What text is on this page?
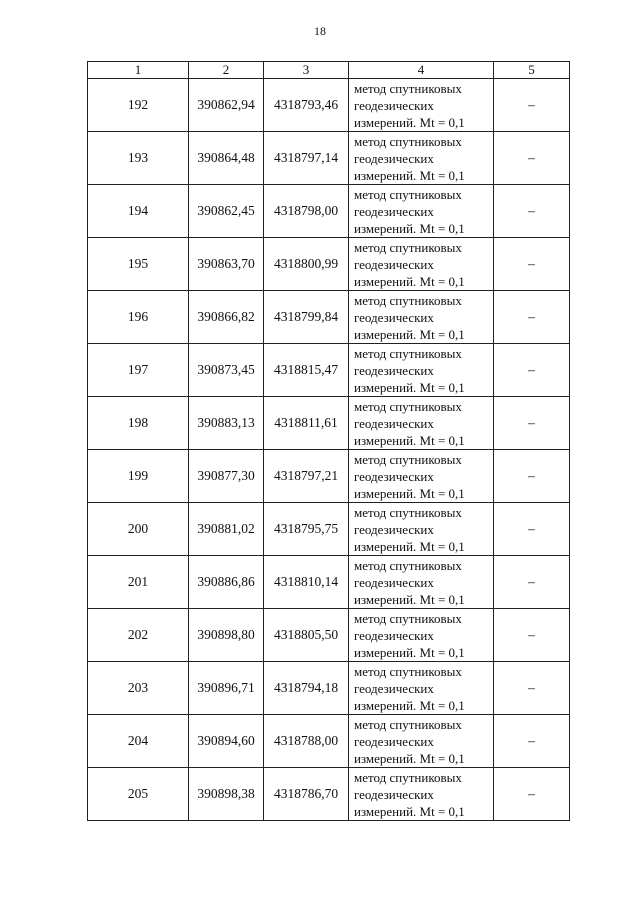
18
1	2	3	4	5
192	390862,94	4318793,46	метод спутниковых
геодезических
измерений. Mt = 0,1	–
193	390864,48	4318797,14	метод спутниковых
геодезических
измерений. Mt = 0,1	–
194	390862,45	4318798,00	метод спутниковых
геодезических
измерений. Mt = 0,1	–
195	390863,70	4318800,99	метод спутниковых
геодезических
измерений. Mt = 0,1	–
196	390866,82	4318799,84	метод спутниковых
геодезических
измерений. Mt = 0,1	–
197	390873,45	4318815,47	метод спутниковых
геодезических
измерений. Mt = 0,1	–
198	390883,13	4318811,61	метод спутниковых
геодезических
измерений. Mt = 0,1	–
199	390877,30	4318797,21	метод спутниковых
геодезических
измерений. Mt = 0,1	–
200	390881,02	4318795,75	метод спутниковых
геодезических
измерений. Mt = 0,1	–
201	390886,86	4318810,14	метод спутниковых
геодезических
измерений. Mt = 0,1	–
202	390898,80	4318805,50	метод спутниковых
геодезических
измерений. Mt = 0,1	–
203	390896,71	4318794,18	метод спутниковых
геодезических
измерений. Mt = 0,1	–
204	390894,60	4318788,00	метод спутниковых
геодезических
измерений. Mt = 0,1	–
205	390898,38	4318786,70	метод спутниковых
геодезических
измерений. Mt = 0,1	–
